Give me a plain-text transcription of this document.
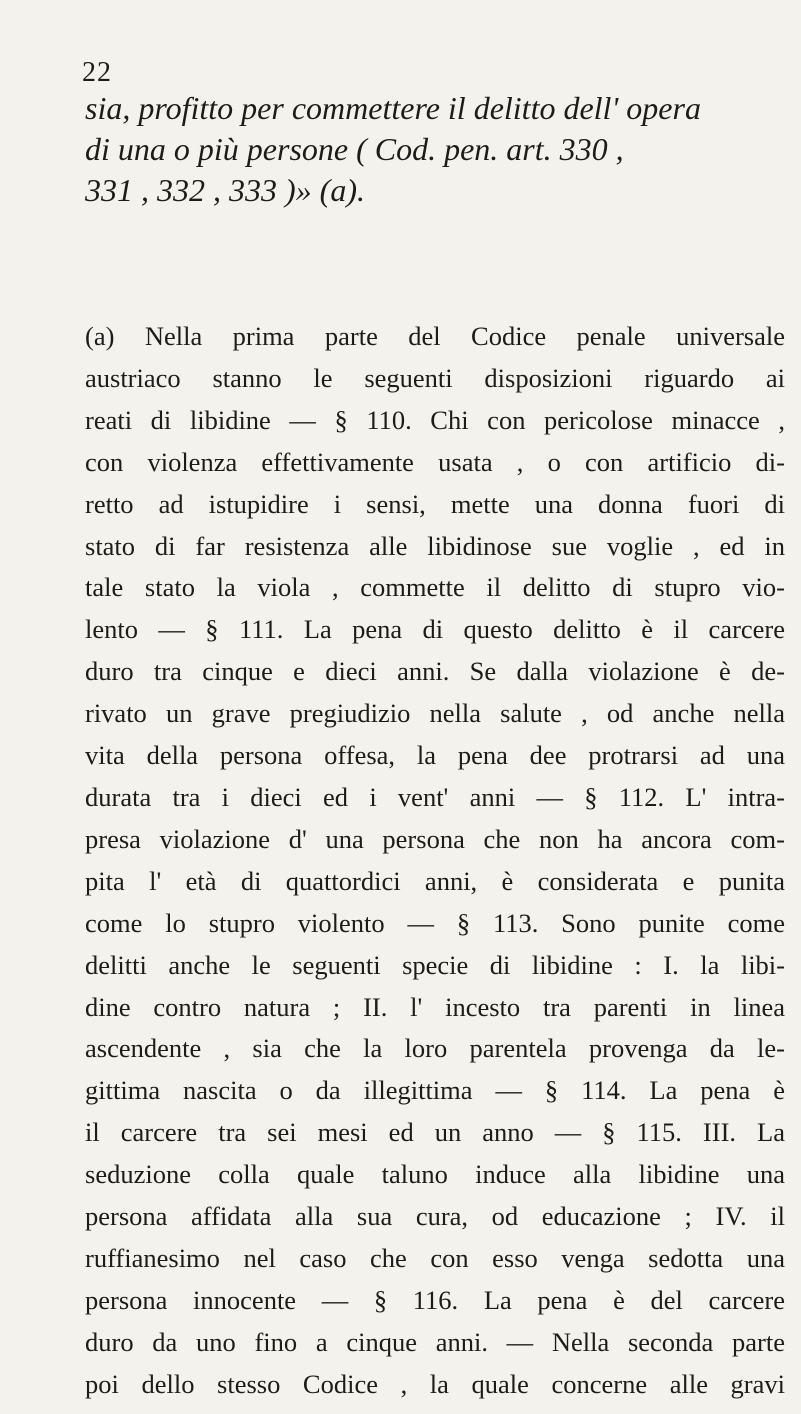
22
sia, profitto per commettere il delitto dell' opera
di una o più persone ( Cod. pen. art. 330 ,
331 , 332 , 333 )» (a).
(a) Nella prima parte del Codice penale universale
austriaco stanno le seguenti disposizioni riguardo ai
reati di libidine — § 110. Chi con pericolose minacce ,
con violenza effettivamente usata , o con artificio di-
retto ad istupidire i sensi, mette una donna fuori di
stato di far resistenza alle libidinose sue voglie , ed in
tale stato la viola , commette il delitto di stupro vio-
lento — § 111. La pena di questo delitto è il carcere
duro tra cinque e dieci anni. Se dalla violazione è de-
rivato un grave pregiudizio nella salute , od anche nella
vita della persona offesa, la pena dee protrarsi ad una
durata tra i dieci ed i vent' anni — § 112. L' intra-
presa violazione d' una persona che non ha ancora com-
pita l' età di quattordici anni, è considerata e punita
come lo stupro violento — § 113. Sono punite come
delitti anche le seguenti specie di libidine : I. la libi-
dine contro natura ; II. l' incesto tra parenti in linea
ascendente , sia che la loro parentela provenga da le-
gittima nascita o da illegittima — § 114. La pena è
il carcere tra sei mesi ed un anno — § 115. III. La
seduzione colla quale taluno induce alla libidine una
persona affidata alla sua cura, od educazione ; IV. il
ruffianesimo nel caso che con esso venga sedotta una
persona innocente — § 116. La pena è del carcere
duro da uno fino a cinque anni. — Nella seconda parte
poi dello stesso Codice , la quale concerne alle gravi
